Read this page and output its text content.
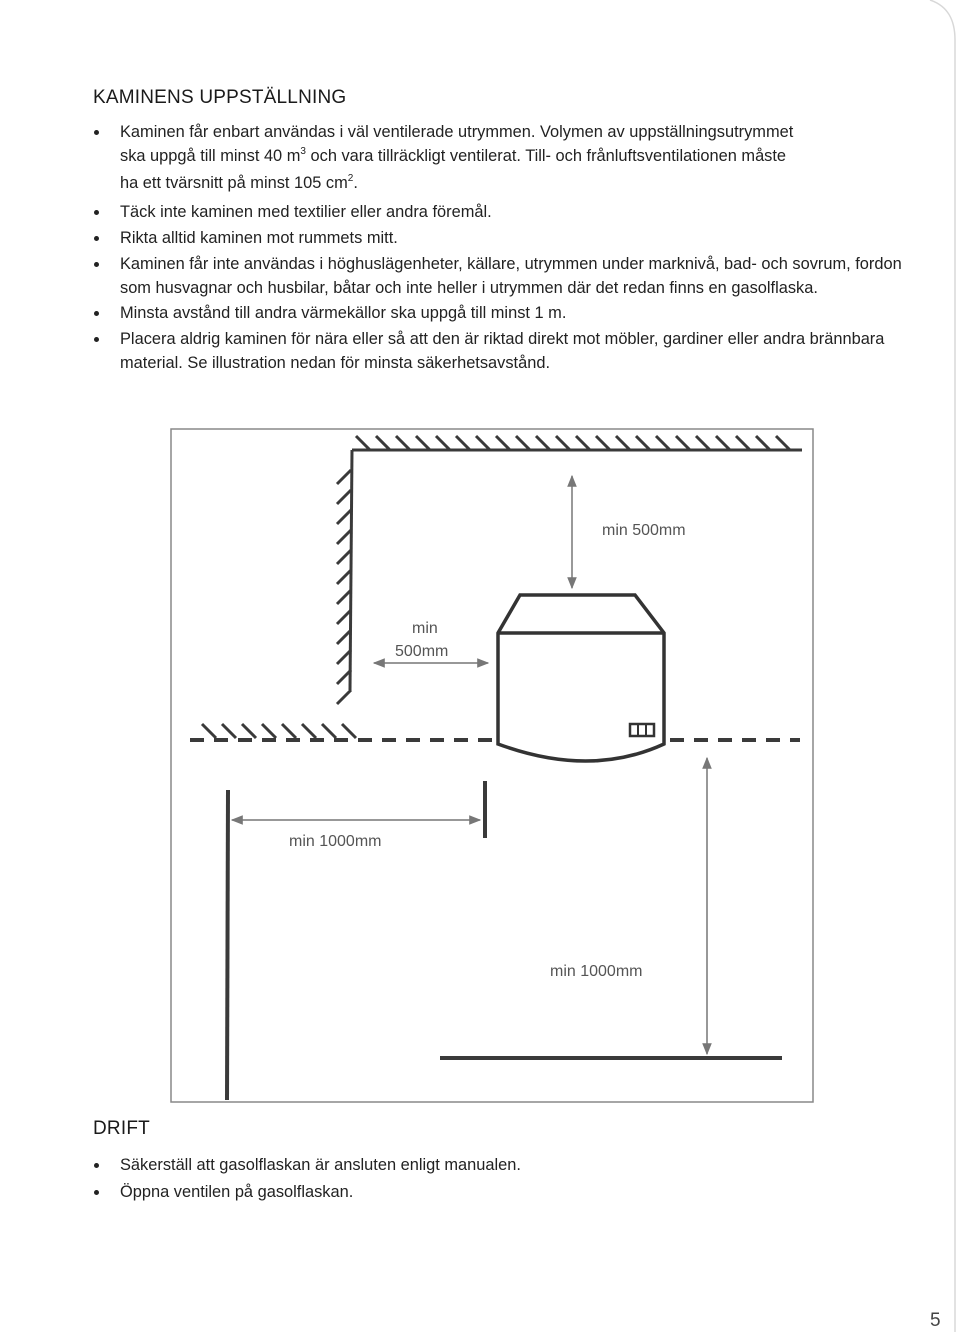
KAMINENS UPPSTÄLLNING
Kaminen får enbart användas i väl ventilerade utrymmen. Volymen av uppställningsutrymmet
ska uppgå till minst 40 $m^3$ och vara tillräckligt ventilerat. Till- och frånluftsventilationen måste
ha ett tvärsnitt på minst 105 $cm^2$.
Täck inte kaminen med textilier eller andra föremål.
Rikta alltid kaminen mot rummets mitt.
Kaminen får inte användas i höghuslägenheter, källare, utrymmen under marknivå, bad- och sovrum, fordon som husvagnar och husbilar, båtar och inte heller i utrymmen där det redan finns en gasolflaska.
Minsta avstånd till andra värmekällor ska uppgå till minst 1 m.
Placera aldrig kaminen för nära eller så att den är riktad direkt mot möbler, gardiner eller andra brännbara material. Se illustration nedan för minsta säkerhetsavstånd.
min 500mm
min
500mm
min 1000mm
min 1000mm
DRIFT
Säkerställ att gasolflaskan är ansluten enligt manualen.
Öppna ventilen på gasolflaskan.
5
